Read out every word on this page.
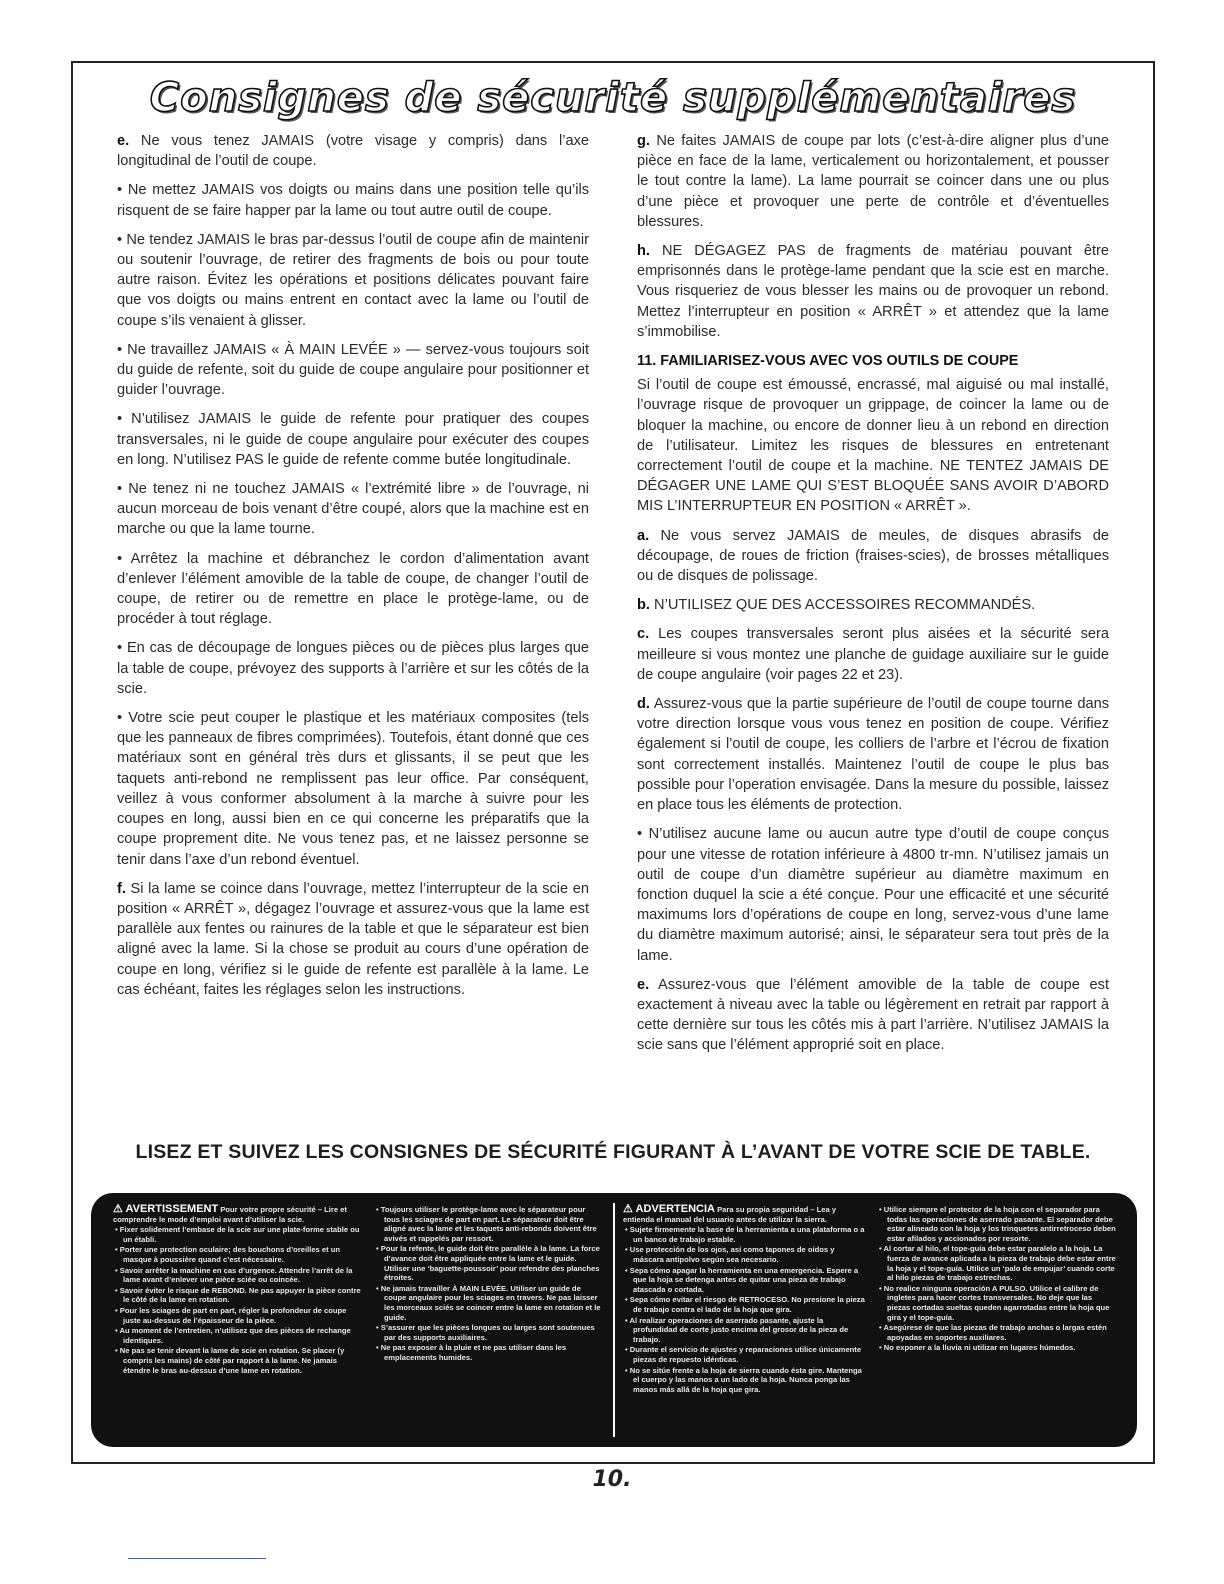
Consignes de sécurité supplémentaires

e. Ne vous tenez JAMAIS (votre visage y compris) dans l’axe longitudinal de l’outil de coupe.

• Ne mettez JAMAIS vos doigts ou mains dans une position telle qu’ils risquent de se faire happer par la lame ou tout autre outil de coupe.

• Ne tendez JAMAIS le bras par-dessus l’outil de coupe afin de maintenir ou soutenir l’ouvrage, de retirer des fragments de bois ou pour toute autre raison. Évitez les opérations et positions délicates pouvant faire que vos doigts ou mains entrent en contact avec la lame ou l’outil de coupe s’ils venaient à glisser.

• Ne travaillez JAMAIS « À MAIN LEVÉE » — servez-vous toujours soit du guide de refente, soit du guide de coupe angulaire pour positionner et guider l’ouvrage.

• N’utilisez JAMAIS le guide de refente pour pratiquer des coupes transversales, ni le guide de coupe angulaire pour exécuter des coupes en long. N’utilisez PAS le guide de refente comme butée longitudinale.

• Ne tenez ni ne touchez JAMAIS « l’extrémité libre » de l’ouvrage, ni aucun morceau de bois venant d’être coupé, alors que la machine est en marche ou que la lame tourne.

• Arrêtez la machine et débranchez le cordon d’alimentation avant d’enlever l’élément amovible de la table de coupe, de changer l’outil de coupe, de retirer ou de remettre en place le protège-lame, ou de procéder à tout réglage.

• En cas de découpage de longues pièces ou de pièces plus larges que la table de coupe, prévoyez des supports à l’arrière et sur les côtés de la scie.

• Votre scie peut couper le plastique et les matériaux composites (tels que les panneaux de fibres comprimées). Toutefois, étant donné que ces matériaux sont en général très durs et glissants, il se peut que les taquets anti-rebond ne remplissent pas leur office. Par conséquent, veillez à vous conformer absolument à la marche à suivre pour les coupes en long, aussi bien en ce qui concerne les préparatifs que la coupe proprement dite. Ne vous tenez pas, et ne laissez personne se tenir dans l’axe d’un rebond éventuel.

f. Si la lame se coince dans l’ouvrage, mettez l’interrupteur de la scie en position « ARRÊT », dégagez l’ouvrage et assurez-vous que la lame est parallèle aux fentes ou rainures de la table et que le séparateur est bien aligné avec la lame. Si la chose se produit au cours d’une opération de coupe en long, vérifiez si le guide de refente est parallèle à la lame. Le cas échéant, faites les réglages selon les instructions.

g. Ne faites JAMAIS de coupe par lots (c’est-à-dire aligner plus d’une pièce en face de la lame, verticalement ou horizontalement, et pousser le tout contre la lame). La lame pourrait se coincer dans une ou plus d’une pièce et provoquer une perte de contrôle et d’éventuelles blessures.

h. NE DÉGAGEZ PAS de fragments de matériau pouvant être emprisonnés dans le protège-lame pendant que la scie est en marche. Vous risqueriez de vous blesser les mains ou de provoquer un rebond. Mettez l’interrupteur en position « ARRÊT » et attendez que la lame s’immobilise.

11. FAMILIARISEZ-VOUS AVEC VOS OUTILS DE COUPE

Si l’outil de coupe est émoussé, encrassé, mal aiguisé ou mal installé, l’ouvrage risque de provoquer un grippage, de coincer la lame ou de bloquer la machine, ou encore de donner lieu à un rebond en direction de l’utilisateur. Limitez les risques de blessures en entretenant correctement l’outil de coupe et la machine. NE TENTEZ JAMAIS DE DÉGAGER UNE LAME QUI S’EST BLOQUÉE SANS AVOIR D’ABORD MIS L’INTERRUPTEUR EN POSITION « ARRÊT ».

a. Ne vous servez JAMAIS de meules, de disques abrasifs de découpage, de roues de friction (fraises-scies), de brosses métalliques ou de disques de polissage.

b. N’UTILISEZ QUE DES ACCESSOIRES RECOMMANDÉS.

c. Les coupes transversales seront plus aisées et la sécurité sera meilleure si vous montez une planche de guidage auxiliaire sur le guide de coupe angulaire (voir pages 22 et 23).

d. Assurez-vous que la partie supérieure de l’outil de coupe tourne dans votre direction lorsque vous vous tenez en position de coupe. Vérifiez également si l’outil de coupe, les colliers de l’arbre et l’écrou de fixation sont correctement installés. Maintenez l’outil de coupe le plus bas possible pour l’operation envisagée. Dans la mesure du possible, laissez en place tous les éléments de protection.

• N’utilisez aucune lame ou aucun autre type d’outil de coupe conçus pour une vitesse de rotation inférieure à 4800 tr-mn. N’utilisez jamais un outil de coupe d’un diamètre supérieur au diamètre maximum en fonction duquel la scie a été conçue. Pour une efficacité et une sécurité maximums lors d’opérations de coupe en long, servez-vous d’une lame du diamètre maximum autorisé; ainsi, le séparateur sera tout près de la lame.

e. Assurez-vous que l’élément amovible de la table de coupe est exactement à niveau avec la table ou légèrement en retrait par rapport à cette dernière sur tous les côtés mis à part l’arrière. N’utilisez JAMAIS la scie sans que l’élément approprié soit en place.

LISEZ ET SUIVEZ LES CONSIGNES DE SÉCURITÉ FIGURANT À L’AVANT DE VOTRE SCIE DE TABLE.
⚠ AVERTISSEMENT Pour votre propre sécurité – Lire et comprendre le mode d’emploi avant d’utiliser la scie.
• Fixer solidement l’embase de la scie sur une plate-forme stable ou un établi.
• Porter une protection oculaire; des bouchons d’oreilles et un masque à poussière quand c’est nécessaire.
• Savoir arrêter la machine en cas d’urgence. Attendre l’arrêt de la lame avant d’enlever une pièce sciée ou coincée.
• Savoir éviter le risque de REBOND. Ne pas appuyer la pièce contre le côté de la lame en rotation.
• Pour les sciages de part en part, régler la profondeur de coupe juste au-dessus de l’épaisseur de la pièce.
• Au moment de l’entretien, n’utilisez que des pièces de rechange identiques.
• Ne pas se tenir devant la lame de scie en rotation. Se placer (y compris les mains) de côté par rapport à la lame. Ne jamais étendre le bras au-dessus d’une lame en rotation.
• Toujours utiliser le protège-lame avec le séparateur pour tous les sciages de part en part. Le séparateur doit être aligné avec la lame et les taquets anti-rebonds doivent être avivés et rappelés par ressort.
• Pour la refente, le guide doit être parallèle à la lame. La force d’avance doit être appliquée entre la lame et le guide. Utiliser une ‘baguette-poussoir’ pour refendre des planches étroites.
• Ne jamais travailler À MAIN LEVÉE. Utiliser un guide de coupe angulaire pour les sciages en travers. Ne pas laisser les morceaux sciés se coincer entre la lame en rotation et le guide.
• S’assurer que les pièces longues ou larges sont soutenues par des supports auxiliaires.
• Ne pas exposer à la pluie et ne pas utiliser dans les emplacements humides.
⚠ ADVERTENCIA Para su propia seguridad – Lea y entienda el manual del usuario antes de utilizar la sierra.
• Sujete firmemente la base de la herramienta a una plataforma o a un banco de trabajo estable.
• Use protección de los ojos, así como tapones de oídos y máscara antipolvo según sea necesario.
• Sepa cómo apagar la herramienta en una emergencia. Espere a que la hoja se detenga antes de quitar una pieza de trabajo atascada o cortada.
• Sepa cómo evitar el riesgo de RETROCESO. No presione la pieza de trabajo contra el lado de la hoja que gira.
• Al realizar operaciones de aserrado pasante, ajuste la profundidad de corte justo encima del grosor de la pieza de trabajo.
• Durante el servicio de ajustes y reparaciones utilice únicamente piezas de repuesto idénticas.
• No se sitúe frente a la hoja de sierra cuando ésta gire. Mantenga el cuerpo y las manos a un lado de la hoja. Nunca ponga las manos más allá de la hoja que gira.
• Utilice siempre el protector de la hoja con el separador para todas las operaciones de aserrado pasante. El separador debe estar alineado con la hoja y los trinquetes antirretroceso deben estar afilados y accionados por resorte.
• Al cortar al hilo, el tope-guía debe estar paralelo a la hoja. La fuerza de avance aplicada a la pieza de trabajo debe estar entre la hoja y el tope-guía. Utilice un ‘palo de empujar’ cuando corte al hilo piezas de trabajo estrechas.
• No realice ninguna operación A PULSO. Utilice el calibre de ingletes para hacer cortes transversales. No deje que las piezas cortadas sueltas queden agarrotadas entre la hoja que gira y el tope-guía.
• Asegúrese de que las piezas de trabajo anchas o largas estén apoyadas en soportes auxiliares.
• No exponer a la lluvia ni utilizar en lugares húmedos.
10.
